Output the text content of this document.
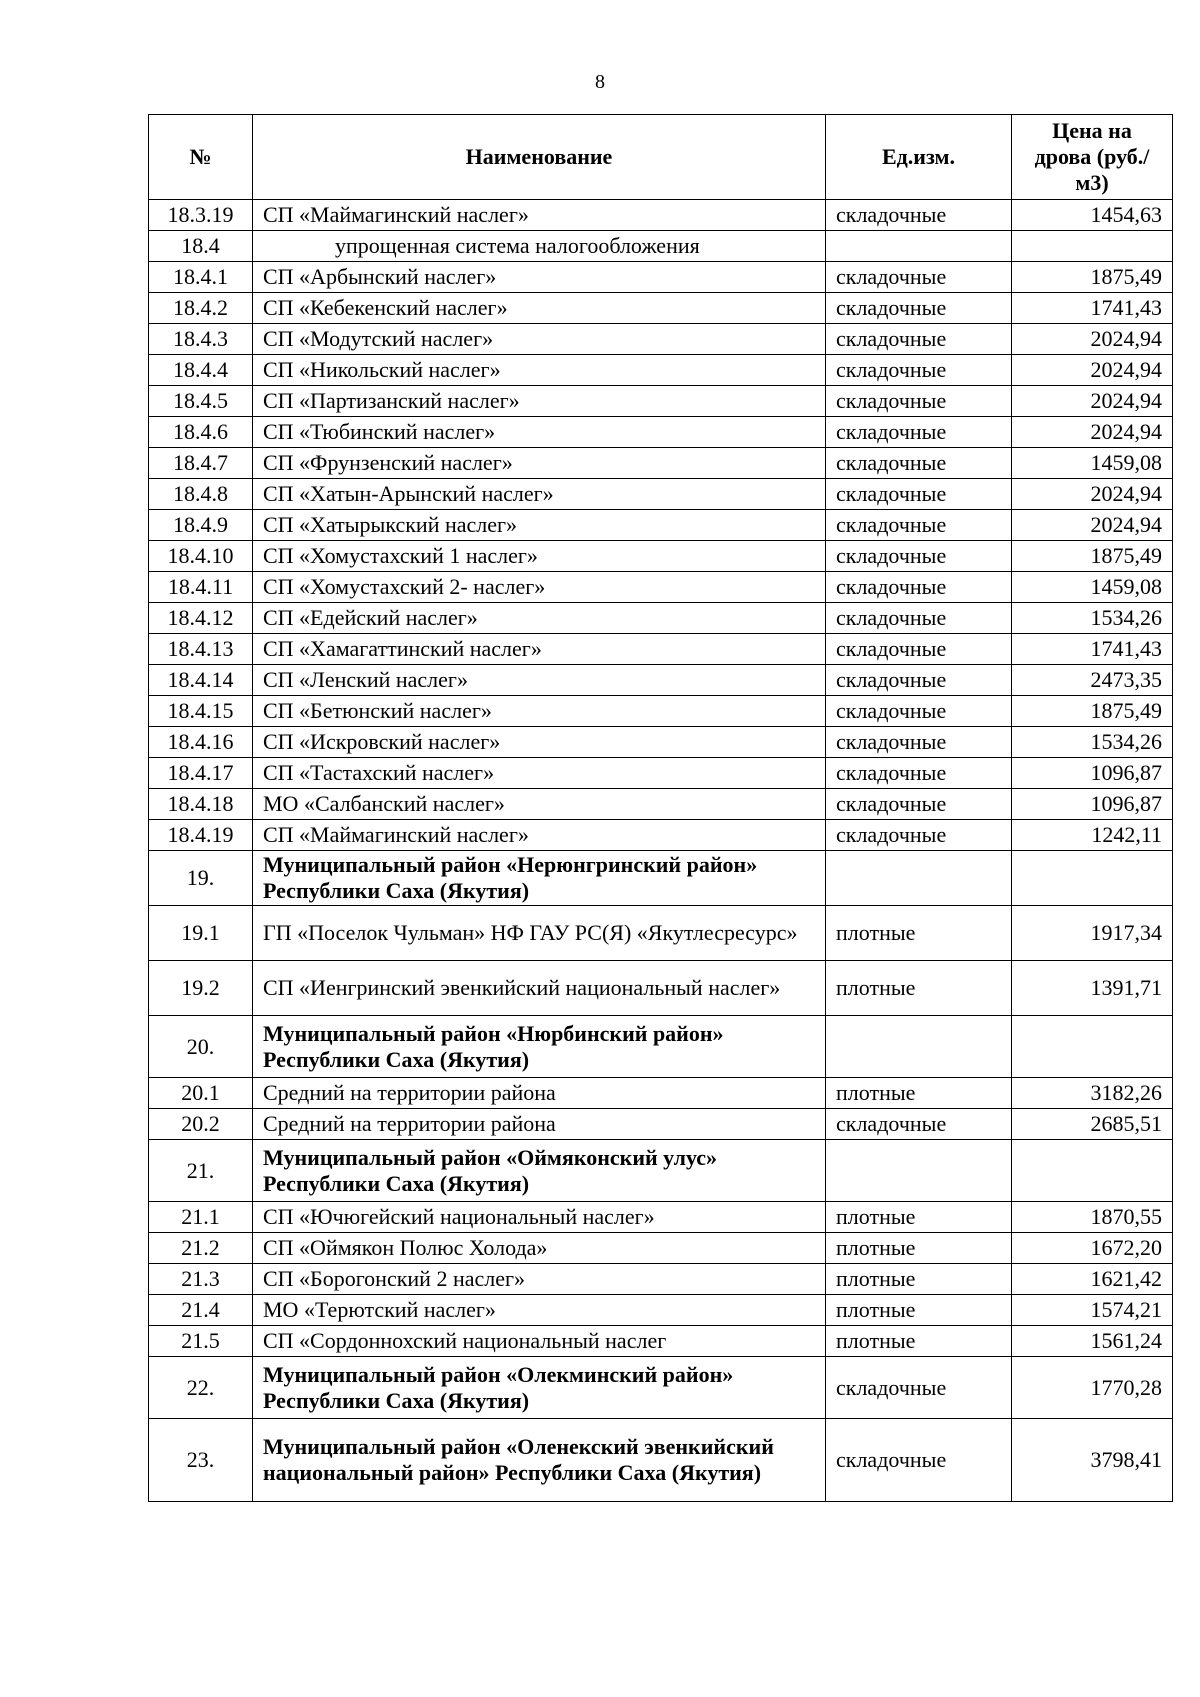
8
№	Наименование	Ед.изм.	Цена на дрова (руб./м3)
18.3.19	СП «Маймагинский наслег»	складочные	1454,63
18.4	упрощенная система налогообложения		
18.4.1	СП «Арбынский наслег»	складочные	1875,49
18.4.2	СП «Кебекенский наслег»	складочные	1741,43
18.4.3	СП «Модутский наслег»	складочные	2024,94
18.4.4	СП «Никольский наслег»	складочные	2024,94
18.4.5	СП «Партизанский наслег»	складочные	2024,94
18.4.6	СП «Тюбинский наслег»	складочные	2024,94
18.4.7	СП «Фрунзенский наслег»	складочные	1459,08
18.4.8	СП «Хатын-Арынский наслег»	складочные	2024,94
18.4.9	СП «Хатырыкский наслег»	складочные	2024,94
18.4.10	СП «Хомустахский 1 наслег»	складочные	1875,49
18.4.11	СП «Хомустахский 2- наслег»	складочные	1459,08
18.4.12	СП «Едейский наслег»	складочные	1534,26
18.4.13	СП «Хамагаттинский наслег»	складочные	1741,43
18.4.14	СП «Ленский наслег»	складочные	2473,35
18.4.15	СП «Бетюнский наслег»	складочные	1875,49
18.4.16	СП «Искровский наслег»	складочные	1534,26
18.4.17	СП «Тастахский наслег»	складочные	1096,87
18.4.18	МО «Салбанский наслег»	складочные	1096,87
18.4.19	СП «Маймагинский наслег»	складочные	1242,11
19.	Муниципальный район «Нерюнгринский район» Республики Саха (Якутия)		
19.1	ГП «Поселок Чульман» НФ ГАУ РС(Я) «Якутлесресурс»	плотные	1917,34
19.2	СП «Иенгринский эвенкийский национальный наслег»	плотные	1391,71
20.	Муниципальный район «Нюрбинский район» Республики Саха (Якутия)		
20.1	Средний на территории района	плотные	3182,26
20.2	Средний на территории района	складочные	2685,51
21.	Муниципальный район «Оймяконский улус» Республики Саха (Якутия)		
21.1	СП «Ючюгейский национальный наслег»	плотные	1870,55
21.2	СП «Оймякон Полюс Холода»	плотные	1672,20
21.3	СП «Борогонский 2 наслег»	плотные	1621,42
21.4	МО «Терютский наслег»	плотные	1574,21
21.5	СП «Сордоннохский национальный наслег	плотные	1561,24
22.	Муниципальный район «Олекминский район» Республики Саха (Якутия)	складочные	1770,28
23.	Муниципальный район «Оленекский эвенкийский национальный район» Республики Саха (Якутия)	складочные	3798,41
